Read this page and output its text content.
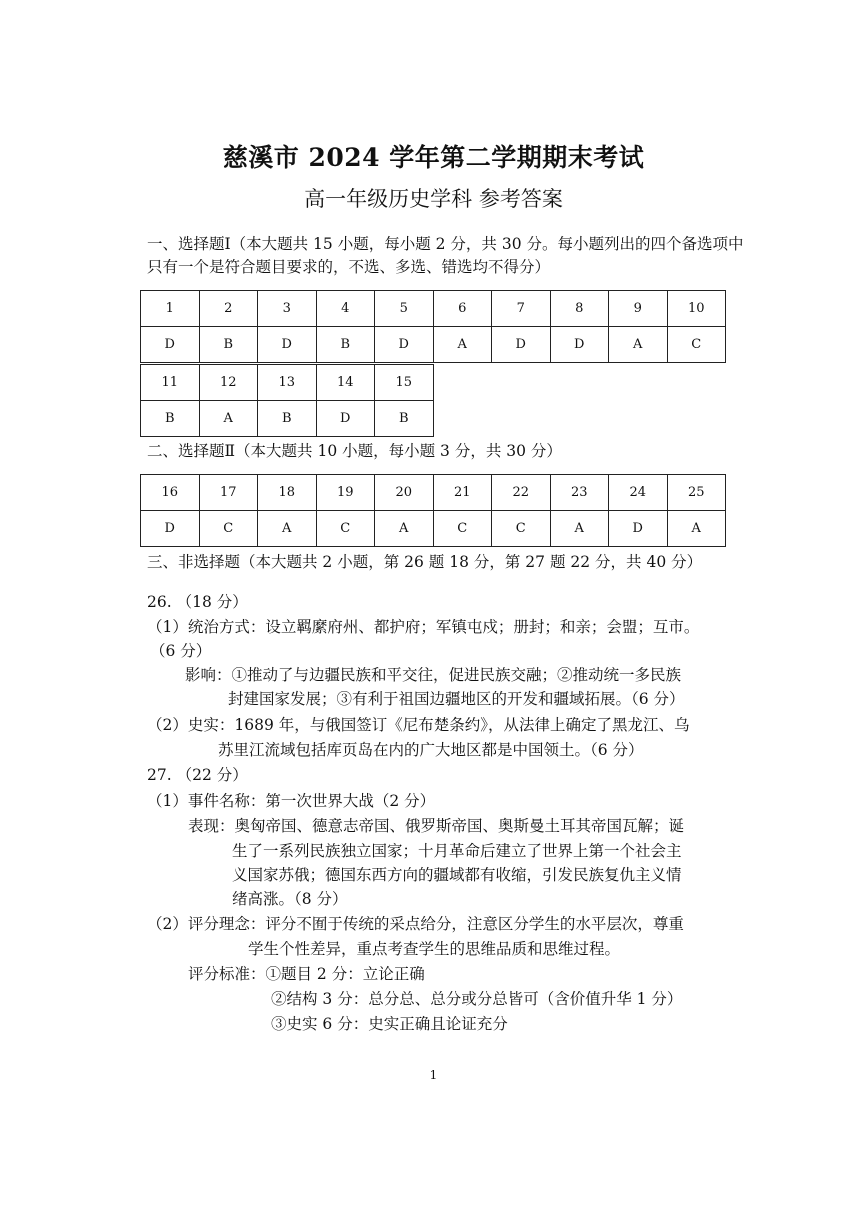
慈溪市 2024 学年第二学期期末考试
高一年级历史学科 参考答案
一、选择题Ⅰ（本大题共 15 小题，每小题 2 分，共 30 分。每小题列出的四个备选项中
只有一个是符合题目要求的，不选、多选、错选均不得分）
1	2	3	4	5	6	7	8	9	10
D	B	D	B	D	A	D	D	A	C
11	12	13	14	15
B	A	B	D	B
二、选择题Ⅱ（本大题共 10 小题，每小题 3 分，共 30 分）
16	17	18	19	20	21	22	23	24	25
D	C	A	C	A	C	C	A	D	A
三、非选择题（本大题共 2 小题，第 26 题 18 分，第 27 题 22 分，共 40 分）
26. （18 分）
（1）统治方式：设立羁縻府州、都护府；军镇屯戍；册封；和亲；会盟；互市。
（6 分）
影响：①推动了与边疆民族和平交往，促进民族交融；②推动统一多民族
封建国家发展；③有利于祖国边疆地区的开发和疆域拓展。（6 分）
（2）史实：1689 年，与俄国签订《尼布楚条约》，从法律上确定了黑龙江、乌
苏里江流域包括库页岛在内的广大地区都是中国领土。（6 分）
27. （22 分）
（1）事件名称：第一次世界大战（2 分）
表现：奥匈帝国、德意志帝国、俄罗斯帝国、奥斯曼土耳其帝国瓦解；诞
生了一系列民族独立国家；十月革命后建立了世界上第一个社会主
义国家苏俄；德国东西方向的疆域都有收缩，引发民族复仇主义情
绪高涨。（8 分）
（2）评分理念：评分不囿于传统的采点给分，注意区分学生的水平层次，尊重
学生个性差异，重点考查学生的思维品质和思维过程。
评分标准：①题目 2 分：立论正确
②结构 3 分：总分总、总分或分总皆可（含价值升华 1 分）
③史实 6 分：史实正确且论证充分
1
